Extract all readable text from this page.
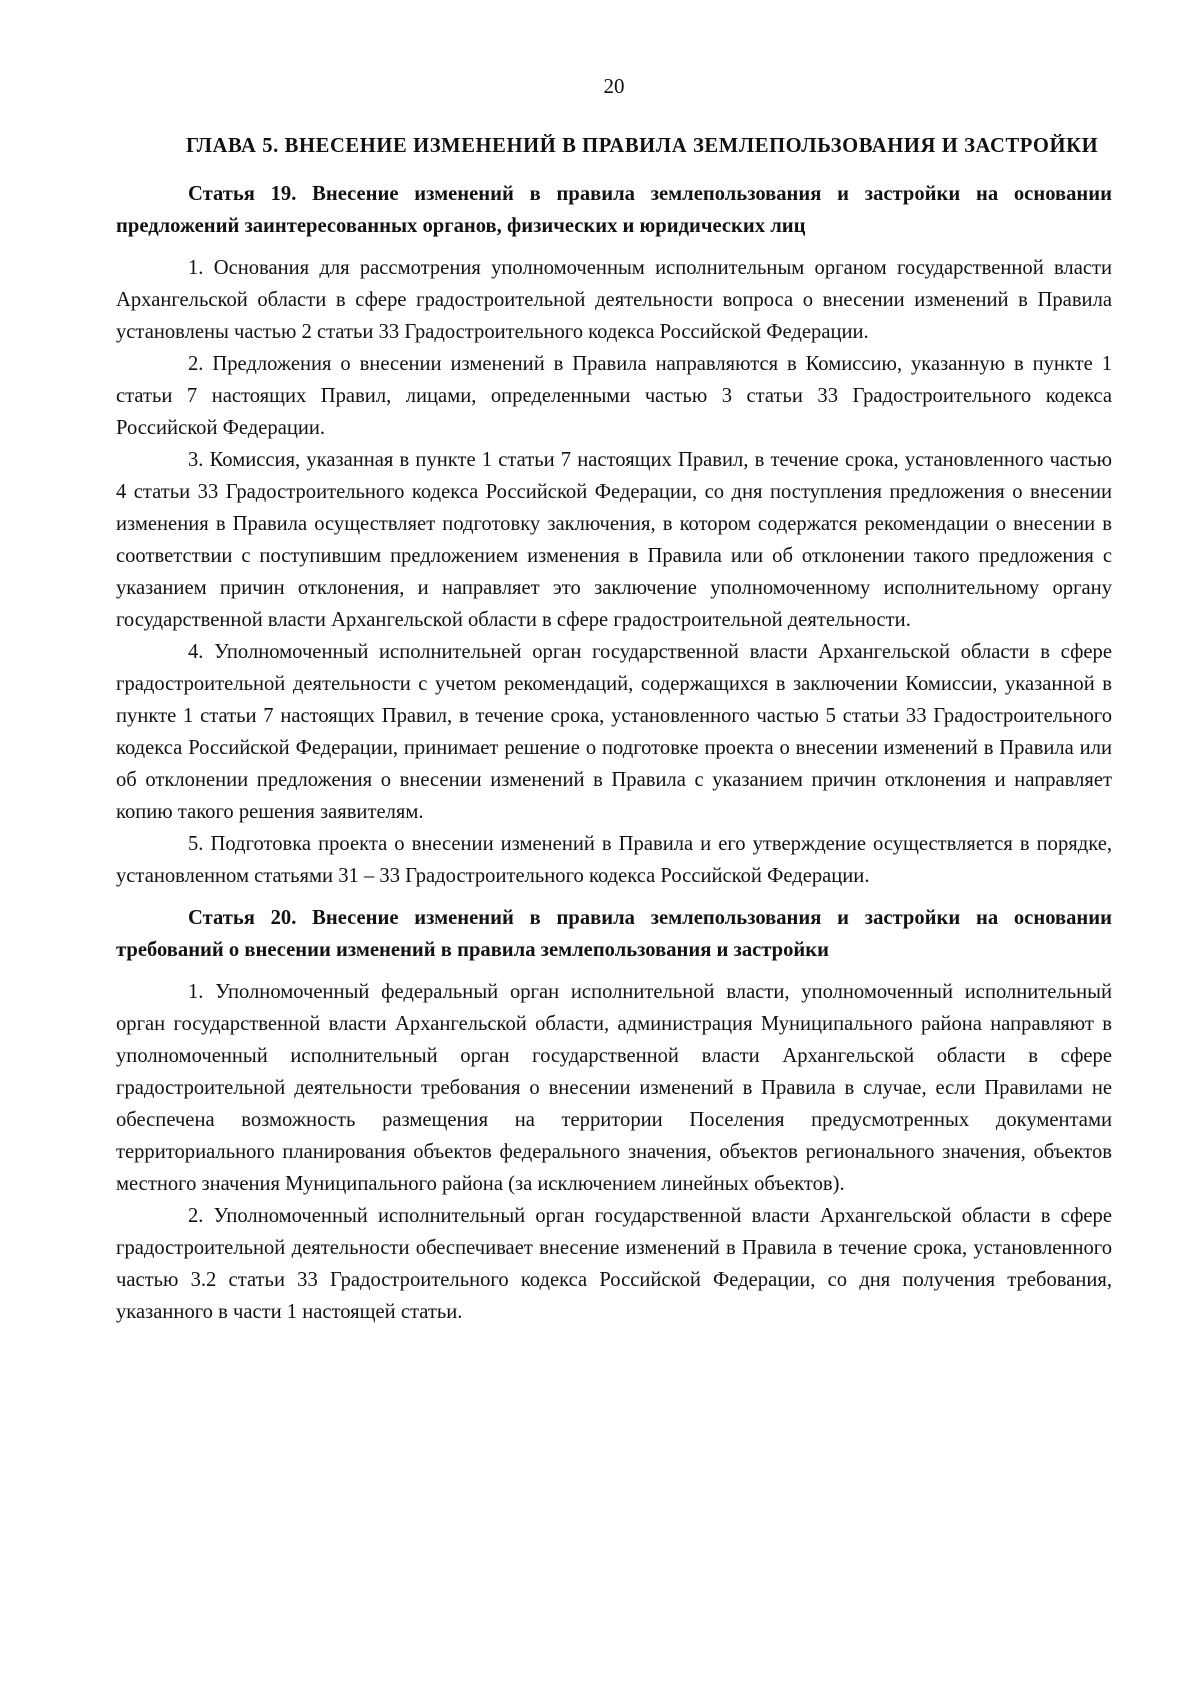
20
ГЛАВА 5. ВНЕСЕНИЕ ИЗМЕНЕНИЙ В ПРАВИЛА ЗЕМЛЕПОЛЬЗОВАНИЯ И ЗАСТРОЙКИ
Статья 19. Внесение изменений в правила землепользования и застройки на основании предложений заинтересованных органов, физических и юридических лиц

1. Основания для рассмотрения уполномоченным исполнительным органом государственной власти Архангельской области в сфере градостроительной деятельности вопроса о внесении изменений в Правила установлены частью 2 статьи 33 Градостроительного кодекса Российской Федерации.

2. Предложения о внесении изменений в Правила направляются в Комиссию, указанную в пункте 1 статьи 7 настоящих Правил, лицами, определенными частью 3 статьи 33 Градостроительного кодекса Российской Федерации.

3. Комиссия, указанная в пункте 1 статьи 7 настоящих Правил, в течение срока, установленного частью 4 статьи 33 Градостроительного кодекса Российской Федерации, со дня поступления предложения о внесении изменения в Правила осуществляет подготовку заключения, в котором содержатся рекомендации о внесении в соответствии с поступившим предложением изменения в Правила или об отклонении такого предложения с указанием причин отклонения, и направляет это заключение уполномоченному исполнительному органу государственной власти Архангельской области в сфере градостроительной деятельности.

4. Уполномоченный исполнительней орган государственной власти Архангельской области в сфере градостроительной деятельности с учетом рекомендаций, содержащихся в заключении Комиссии, указанной в пункте 1 статьи 7 настоящих Правил, в течение срока, установленного частью 5 статьи 33 Градостроительного кодекса Российской Федерации, принимает решение о подготовке проекта о внесении изменений в Правила или об отклонении предложения о внесении изменений в Правила с указанием причин отклонения и направляет копию такого решения заявителям.

5. Подготовка проекта о внесении изменений в Правила и его утверждение осуществляется в порядке, установленном статьями 31 – 33 Градостроительного кодекса Российской Федерации.

Статья 20. Внесение изменений в правила землепользования и застройки на основании требований о внесении изменений в правила землепользования и застройки

1. Уполномоченный федеральный орган исполнительной власти, уполномоченный исполнительный орган государственной власти Архангельской области, администрация Муниципального района направляют в уполномоченный исполнительный орган государственной власти Архангельской области в сфере градостроительной деятельности требования о внесении изменений в Правила в случае, если Правилами не обеспечена возможность размещения на территории Поселения предусмотренных документами территориального планирования объектов федерального значения, объектов регионального значения, объектов местного значения Муниципального района (за исключением линейных объектов).

2. Уполномоченный исполнительный орган государственной власти Архангельской области в сфере градостроительной деятельности обеспечивает внесение изменений в Правила в течение срока, установленного частью 3.2 статьи 33 Градостроительного кодекса Российской Федерации, со дня получения требования, указанного в части 1 настоящей статьи.
